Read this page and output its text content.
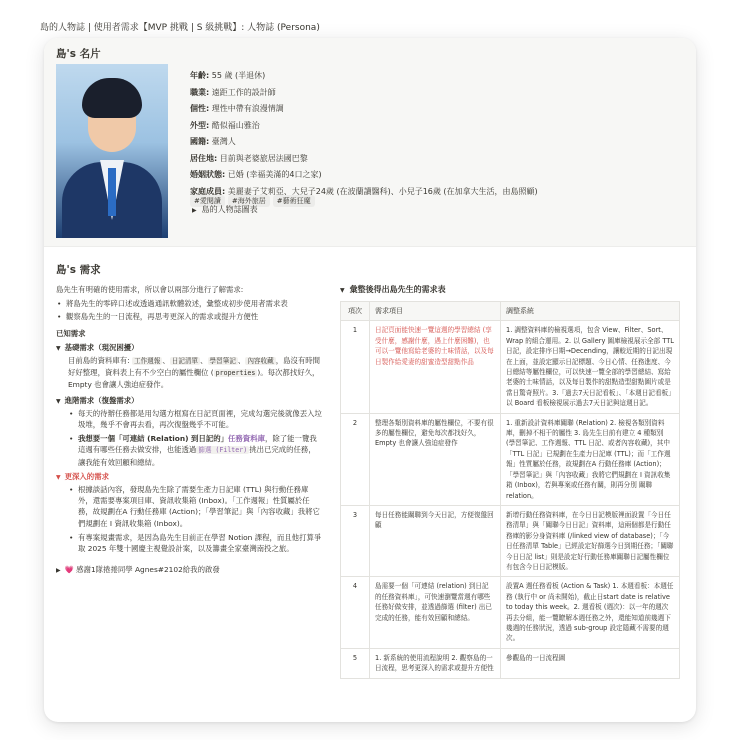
島的人物誌 | 使用者需求【MVP 挑戰 | S 級挑戰】: 人物誌 (Persona)
島's 名片
年齡: 55 歲 (半退休)
職業: 遠距工作的設計師
個性: 理性中帶有浪漫情調
外型: 酷似福山雅治
國籍: 臺灣人
居住地: 目前與老婆旅居法國巴黎
婚姻狀態: 已婚 (幸福美滿的4口之家)
家庭成員: 美麗妻子艾莉亞、大兒子24歲 (在波蘭讀醫科)、小兒子16歲 (在加拿大生活，由島照顧)
#愛閱讀 #海外旅居 #藝術狂魔
▶ 島的人物誌圖表
島's 需求

島先生有明確的使用需求，所以會以兩部分進行了解需求:

• 將島先生的零碎口述或透過通訊軟體敘述，彙整成初步使用者需求表
• 觀察島先生的一日流程，再思考更深入的需求或提升方便性
已知需求
▼ 基礎需求（現況困擾）
目前島的資料庫有: 工作週報 、 日記清單 、 學習筆記 、 內容收藏 ，島沒有時間好好整理，資料表上有不少空白的屬性欄位 ( properties )。每次都找好久，Empty 也會讓人強迫症發作。
▼ 進階需求（復盤需求）
• 每天的待辦任務都是用勾選方框寫在日記頁面裡，完成勾選完後就像丟入垃圾堆，幾乎不會再去看，再次復盤幾乎不可能。
• 我想要一個「可連結 (Relation) 到日記的」任務資料庫，除了能一覽我這週有哪些任務去做安排，也能透過 篩選 (Filter) 挑出已完成的任務，讓我能有效回顧和總結。
▼ 更深入的需求
• 根據談話內容，發現島先生除了需要生產力日記庫 (TTL) 與行動任務庫外，還需要專案項目庫、資訊收集箱 (Inbox)。「工作週報」性質屬於任務，故規劃在A 行動任務庫 (Action)；「學習筆記」與「內容收藏」我將它們規劃在 I 資訊收集箱 (Inbox)。
• 有專案規畫需求，是因為島先生目前正在學習 Notion 課程，而且他打算爭取 2025 年雙十國慶主視覺設計案，以及籌畫全家臺灣南投之旅。
▶ 💗 感謝1隊捲捲同學 Agnes#2102給我的啟發
▼ 彙整後得出島先生的需求表
項次	需求項目	調整系統
1	日記頁面能快速一覽這週的學習總結 (享受什麼，感謝什麼，遇上什麼困難)，也可以一覽他寫給老婆的土味情話，以及每日製作給愛妻的甜蜜造型甜點作品	1. 調整資料庫的檢視選項，包含 View、Filter、Sort、Wrap 的組合運用。2. 以 Gallery 圖庫檢視展示全部 TTL 日記，設定排序日期→Decending，讓較近期的日記出現在上面，並設定顯示日記標題、今日心情、任務進度、今日總結等屬性欄位，可以快速一覽全部的學習總結、寫給老婆的土味情話，以及每日製作的甜點造型甜點圖片或是當日驚奇照片。3.「過去7天日記看板」、「本週日記看板」以 Board 看板檢視展示過去7天日記與這週日記。
2	整理各類別資料庫的屬性欄位，不要有很多的屬性欄位，避免每次都找好久，Empty 也會讓人強迫症發作	1. 重新設計資料庫關聯 (Relation) 2. 檢視各類別資料庫，刪掉不相干的屬性 3. 島先生目前有建立 4 種類別 (學習筆記、工作週報、TTL 日記、或者內容收藏)，其中「TTL 日記」已規劃在生產力日記庫 (TTL)；而「工作週報」性質屬於任務，故規劃在A 行動任務庫 (Action)；「學習筆記」與「內容收藏」我將它們規劃在 I 資訊收集箱 (Inbox)，若與專案或任務有關，則再分別 關聯 relation。
3	每日任務能關聯到今天日記，方便復盤回顧	新增行動任務資料庫，在今日日記模版裡面設置「今日任務清單」與「關聯今日日記」資料庫，這兩個都是行動任務庫的影分身資料庫 (/linked view of database)；「今日任務清單 Table」已經設定好篩選今日到期任務；「關聯今日日記 list」則是設定好行動任務庫關聯日記屬性欄位有包含今日日記模版。
4	島需要一個「可連結 (relation) 到日記的任務資料庫」，可快速瀏覽當週有哪些任務好做安排，並透過篩選 (filter) 出已完成的任務，能有效回顧和總結。	設置A 週任務看板 (Action & Task) 1. 本週看板：本週任務 (執行中 or 尚未開始)，截止日start date is relative to today this week。2. 週看板 (週次)：以一年的週次再去分組，能一覽瞭解本週任務之外，還能知道前幾週下幾週的任務狀況，透過 sub-group 設定隱藏不需要的週次。
5	1. 新系統的使用流程說明 2. 觀察島的一日流程，思考更深入的需求或提升方便性	參觀島的一日流程圖
